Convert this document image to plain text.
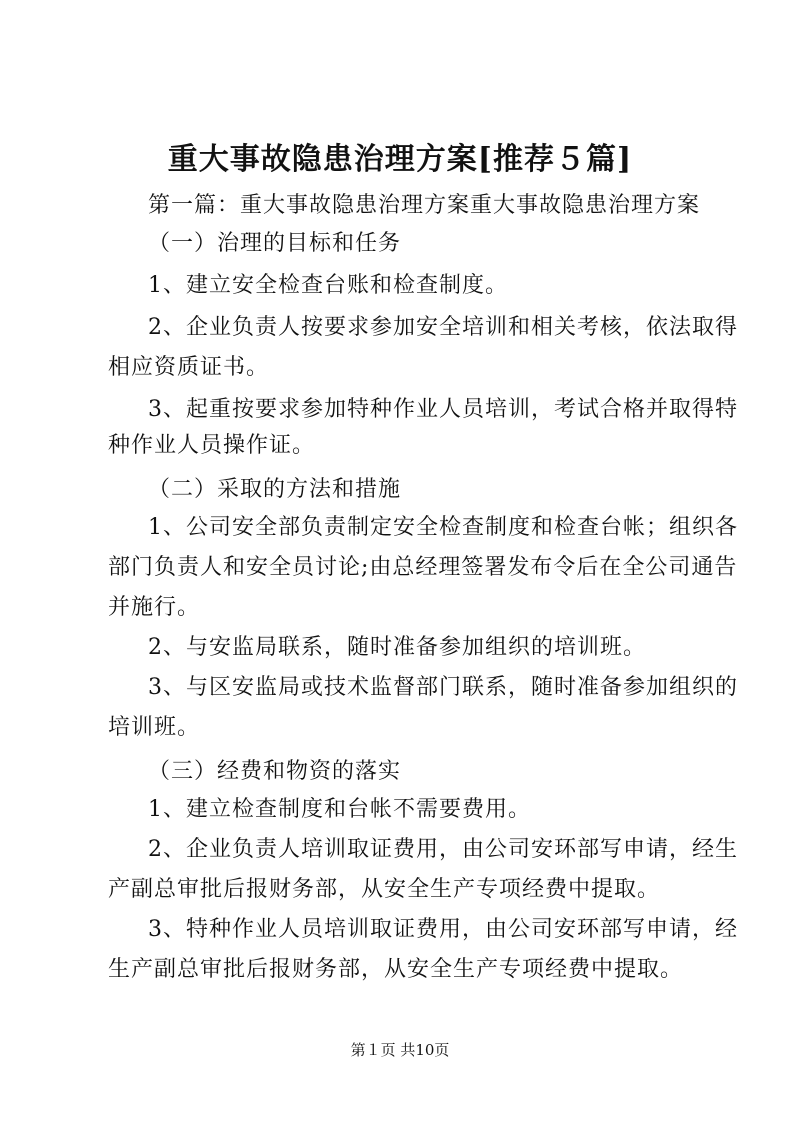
重大事故隐患治理方案[推荐５篇]
第一篇：重大事故隐患治理方案重大事故隐患治理方案
（一）治理的目标和任务
1、建立安全检查台账和检查制度。
2、企业负责人按要求参加安全培训和相关考核，依法取得
相应资质证书。
3、起重按要求参加特种作业人员培训，考试合格并取得特
种作业人员操作证。
（二）采取的方法和措施
1、公司安全部负责制定安全检查制度和检查台帐；组织各
部门负责人和安全员讨论;由总经理签署发布令后在全公司通告
并施行。
2、与安监局联系，随时准备参加组织的培训班。
3、与区安监局或技术监督部门联系，随时准备参加组织的
培训班。
（三）经费和物资的落实
1、建立检查制度和台帐不需要费用。
2、企业负责人培训取证费用，由公司安环部写申请，经生
产副总审批后报财务部，从安全生产专项经费中提取。
3、特种作业人员培训取证费用，由公司安环部写申请，经
生产副总审批后报财务部，从安全生产专项经费中提取。
第１页 共10页
